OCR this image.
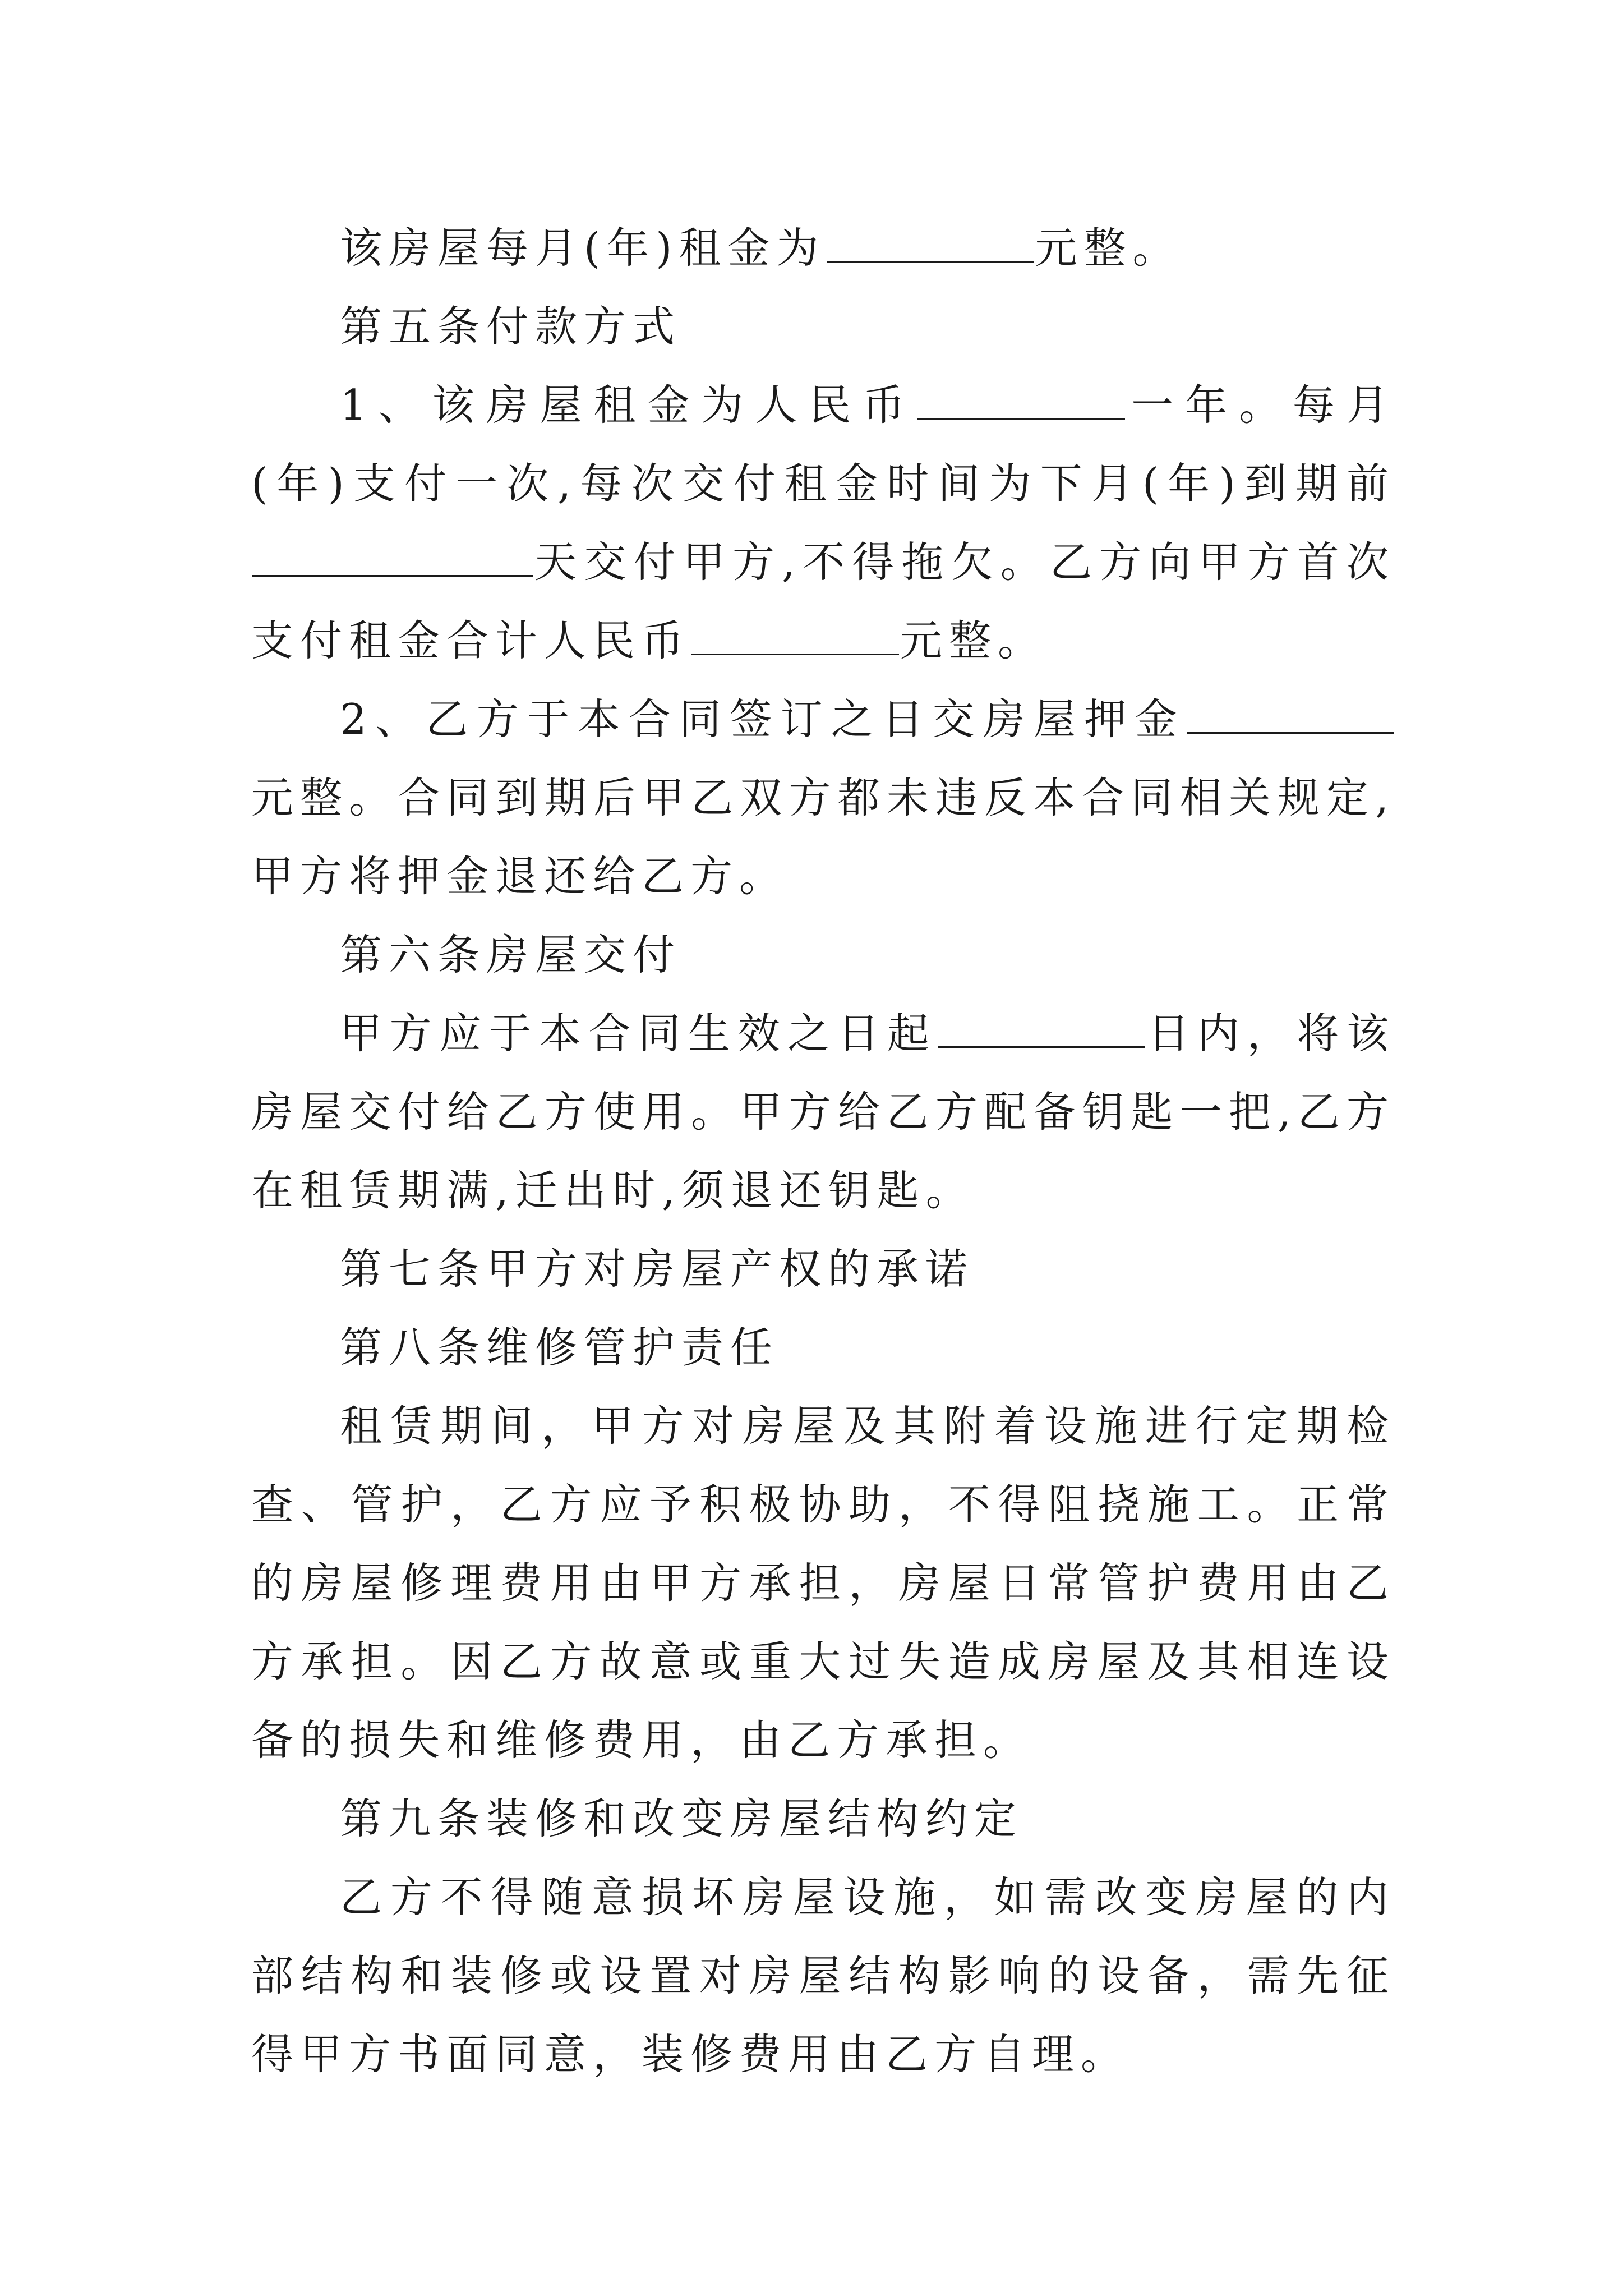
该房屋每月(年)租金为	元整。

第五条付款方式

1、该房屋租金为人民币	一年。每月(年)支付一次,每次交付租金时间为下月(年)到期前天交付甲方,不得拖欠。乙方向甲方首次支付租金合计人民币	元整。

2、乙方于本合同签订之日交房屋押金元整。合同到期后甲乙双方都未违反本合同相关规定,甲方将押金退还给乙方。

第六条房屋交付

甲方应于本合同生效之日起	日内，将该房屋交付给乙方使用。甲方给乙方配备钥匙一把,乙方在租赁期满,迁出时,须退还钥匙。

第七条甲方对房屋产权的承诺

第八条维修管护责任

租赁期间，甲方对房屋及其附着设施进行定期检查、管护，乙方应予积极协助，不得阻挠施工。正常的房屋修理费用由甲方承担，房屋日常管护费用由乙方承担。因乙方故意或重大过失造成房屋及其相连设备的损失和维修费用，由乙方承担。

第九条装修和改变房屋结构约定

乙方不得随意损坏房屋设施，如需改变房屋的内部结构和装修或设置对房屋结构影响的设备，需先征得甲方书面同意，装修费用由乙方自理。
